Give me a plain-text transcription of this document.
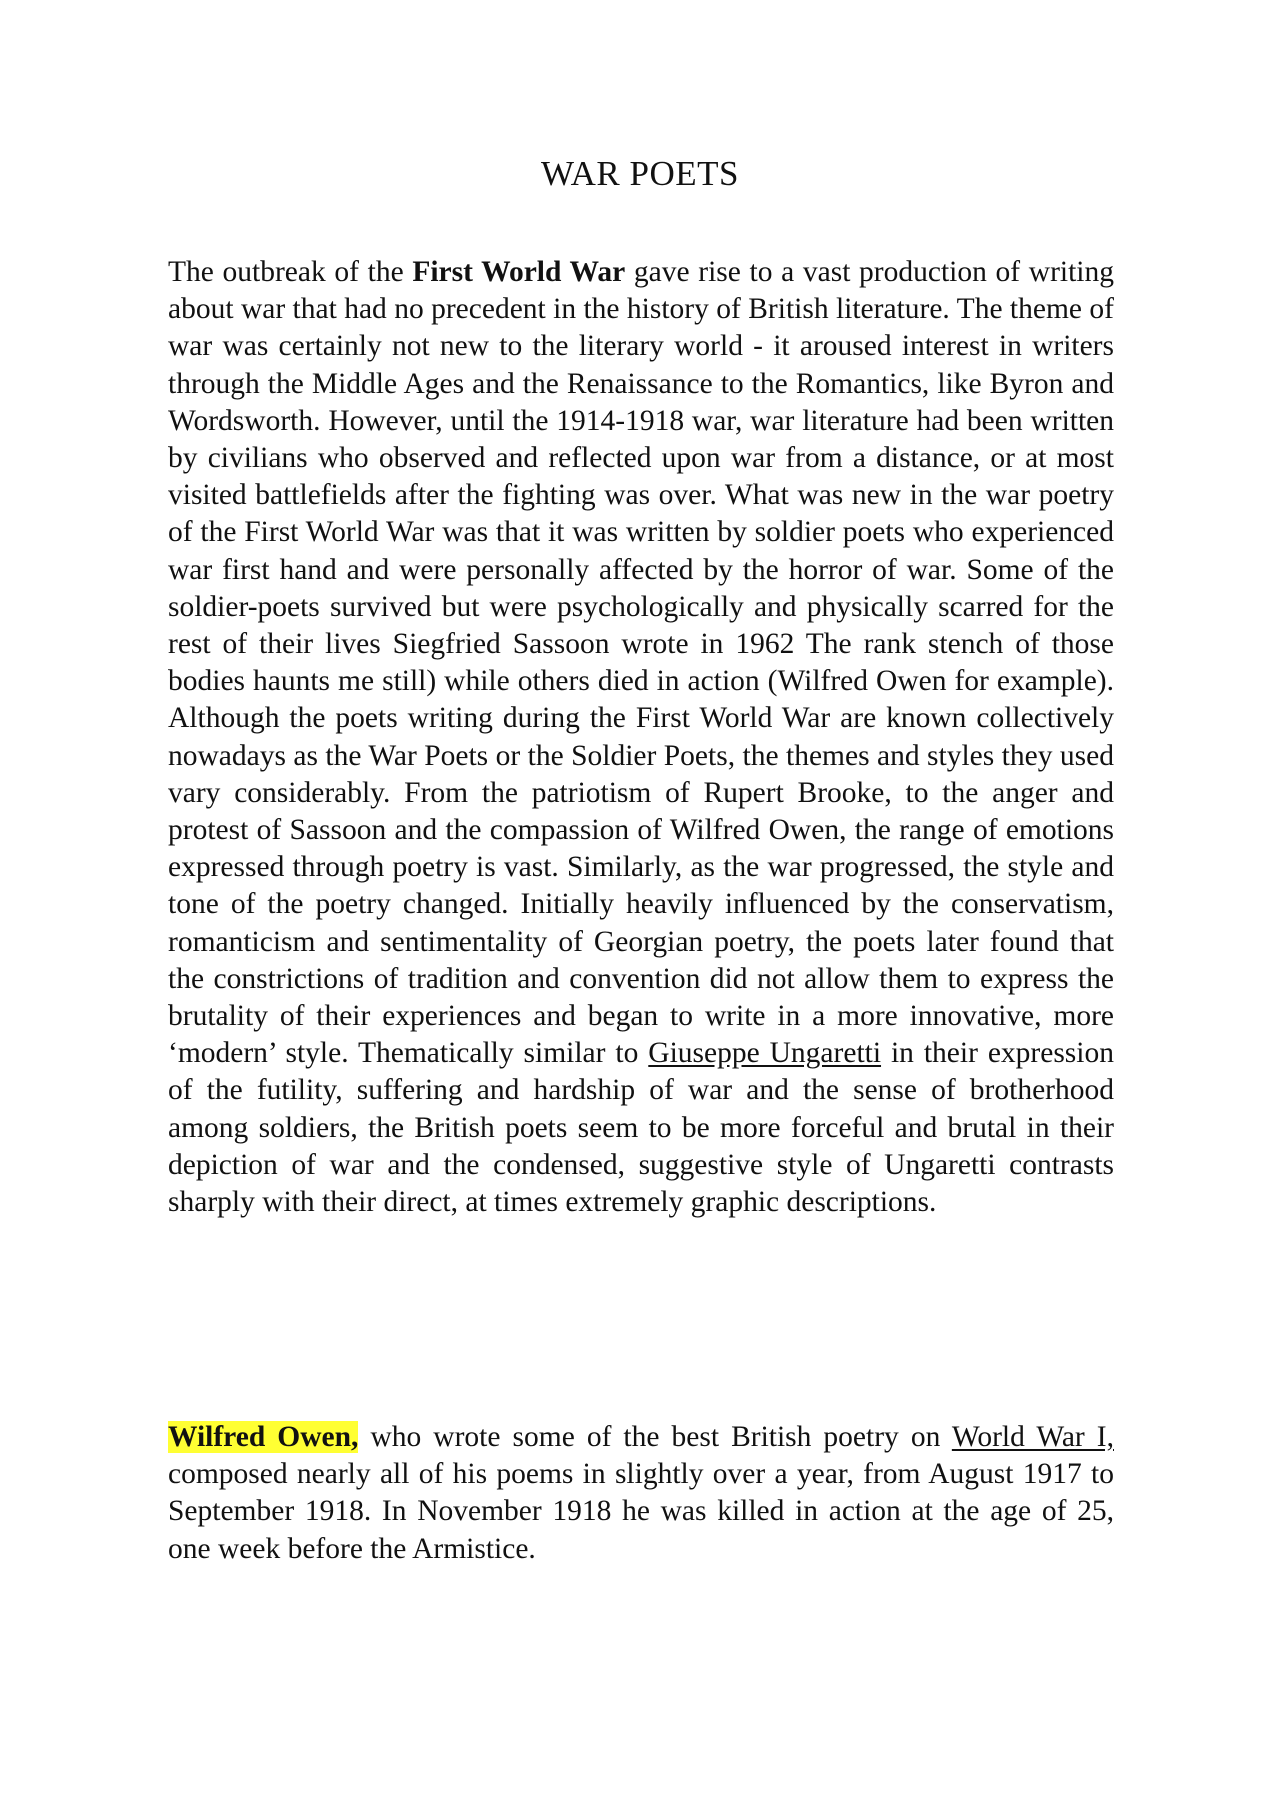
WAR POETS

The outbreak of the First World War gave rise to a vast production of writing about war that had no precedent in the history of British literature. The theme of war was certainly not new to the literary world - it aroused interest in writers through the Middle Ages and the Renaissance to the Romantics, like Byron and Wordsworth. However, until the 1914-1918 war, war literature had been written by civilians who observed and reflected upon war from a distance, or at most visited battlefields after the fighting was over. What was new in the war poetry of the First World War was that it was written by soldier poets who experienced war first hand and were personally affected by the horror of war. Some of the soldier-poets survived but were psychologically and physically scarred for the rest of their lives Siegfried Sassoon wrote in 1962 The rank stench of those bodies haunts me still) while others died in action (Wilfred Owen for example). Although the poets writing during the First World War are known collectively nowadays as the War Poets or the Soldier Poets, the themes and styles they used vary considerably. From the patriotism of Rupert Brooke, to the anger and protest of Sassoon and the compassion of Wilfred Owen, the range of emotions expressed through poetry is vast. Similarly, as the war progressed, the style and tone of the poetry changed. Initially heavily influenced by the conservatism, romanticism and sentimentality of Georgian poetry, the poets later found that the constrictions of tradition and convention did not allow them to express the brutality of their experiences and began to write in a more innovative, more ‘modern’ style. Thematically similar to Giuseppe Ungaretti in their expression of the futility, suffering and hardship of war and the sense of brotherhood among soldiers, the British poets seem to be more forceful and brutal in their depiction of war and the condensed, suggestive style of Ungaretti contrasts sharply with their direct, at times extremely graphic descriptions.

Wilfred Owen, who wrote some of the best British poetry on World War I, composed nearly all of his poems in slightly over a year, from August 1917 to September 1918. In November 1918 he was killed in action at the age of 25, one week before the Armistice.
